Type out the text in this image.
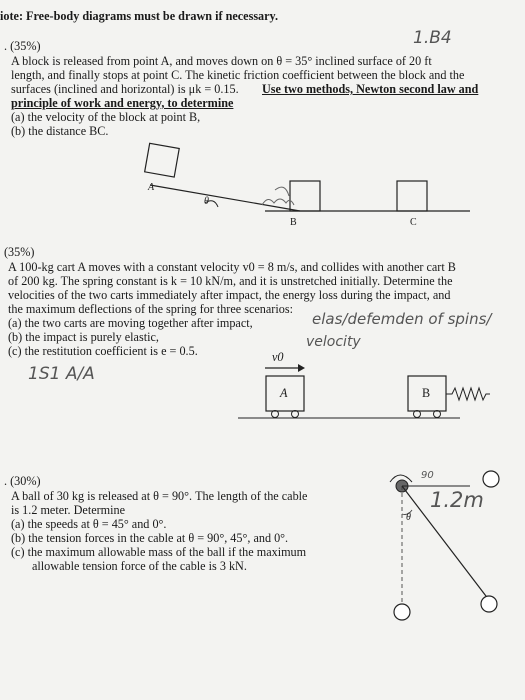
iote: Free-body diagrams must be drawn if necessary.
. (35%)	1.B4
A block is released from point A, and moves down on θ = 35° inclined surface of 20 ft
length, and finally stops at point C. The kinetic friction coefficient between the block and the
surfaces (inclined and horizontal) is μk = 0.15. Use two methods, Newton second law and
principle of work and energy, to determine
(a) the velocity of the block at point B,
(b) the distance BC.
A
θ
B	C
(35%)
A 100-kg cart A moves with a constant velocity v0 = 8 m/s, and collides with another cart B
of 200 kg. The spring constant is k = 10 kN/m, and it is unstretched initially. Determine the
velocities of the two carts immediately after impact, the energy loss during the impact, and
the maximum deflections of the spring for three scenarios:
(a) the two carts are moving together after impact,	elas/defemden of spins/
(b) the impact is purely elastic,
(c) the restitution coefficient is e = 0.5.
velocity
1S1 A/A
v0
A	B
. (30%)
A ball of 30 kg is released at θ = 90°. The length of the cable
is 1.2 meter. Determine
(a) the speeds at θ = 45° and 0°.
(b) the tension forces in the cable at θ = 90°, 45°, and 0°.
(c) the maximum allowable mass of the ball if the maximum
allowable tension force of the cable is 3 kN.
θ
90
1.2m
